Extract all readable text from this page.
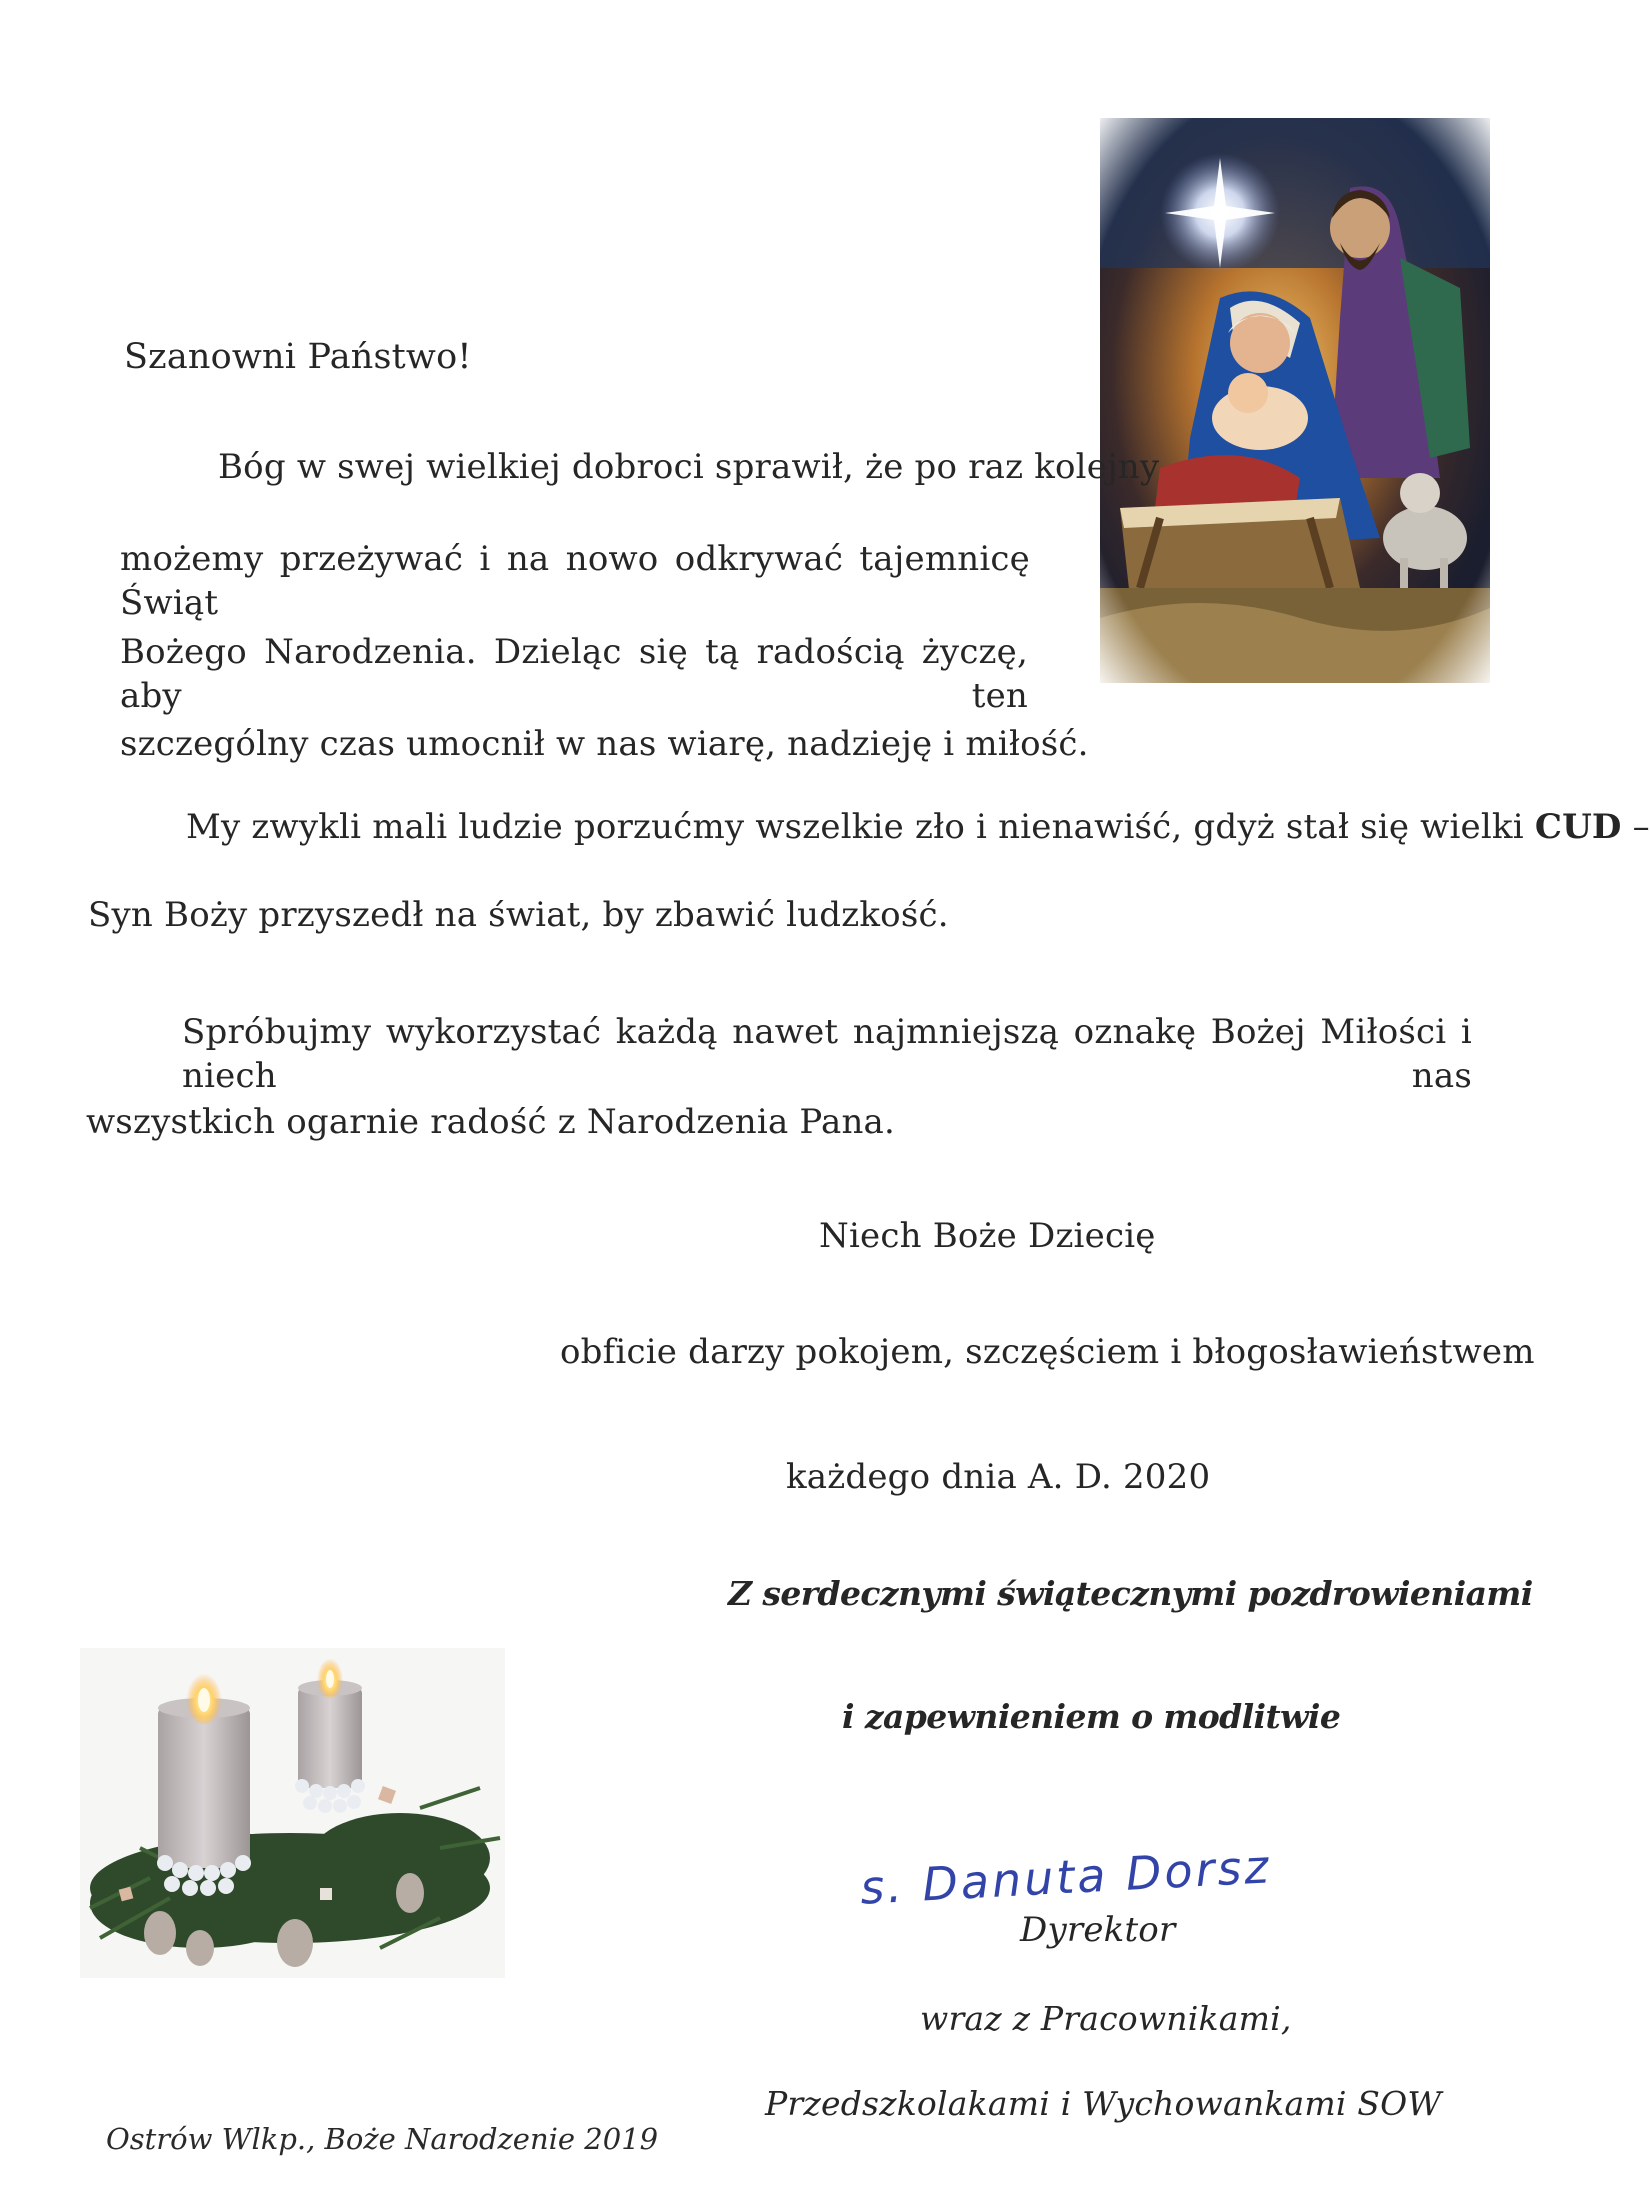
Szanowni Państwo!
Bóg w swej wielkiej dobroci sprawił, że po raz kolejny
możemy przeżywać i na nowo odkrywać tajemnicę Świąt
Bożego Narodzenia. Dzieląc się tą radością życzę, aby ten
szczególny czas umocnił w nas wiarę, nadzieję i miłość.
My zwykli mali ludzie porzućmy wszelkie zło i nienawiść, gdyż stał się wielki CUD –
Syn Boży przyszedł na świat, by zbawić ludzkość.
Spróbujmy wykorzystać każdą nawet najmniejszą oznakę Bożej Miłości i niech nas
wszystkich ogarnie radość z Narodzenia Pana.
Niech Boże Dziecię
obficie darzy pokojem, szczęściem i błogosławieństwem
każdego dnia A. D. 2020
Z serdecznymi świątecznymi pozdrowieniami
i zapewnieniem o modlitwie
s. Danuta Dorsz
Dyrektor
wraz z Pracownikami,
Przedszkolakami i Wychowankami SOW
Ostrów Wlkp., Boże Narodzenie 2019
